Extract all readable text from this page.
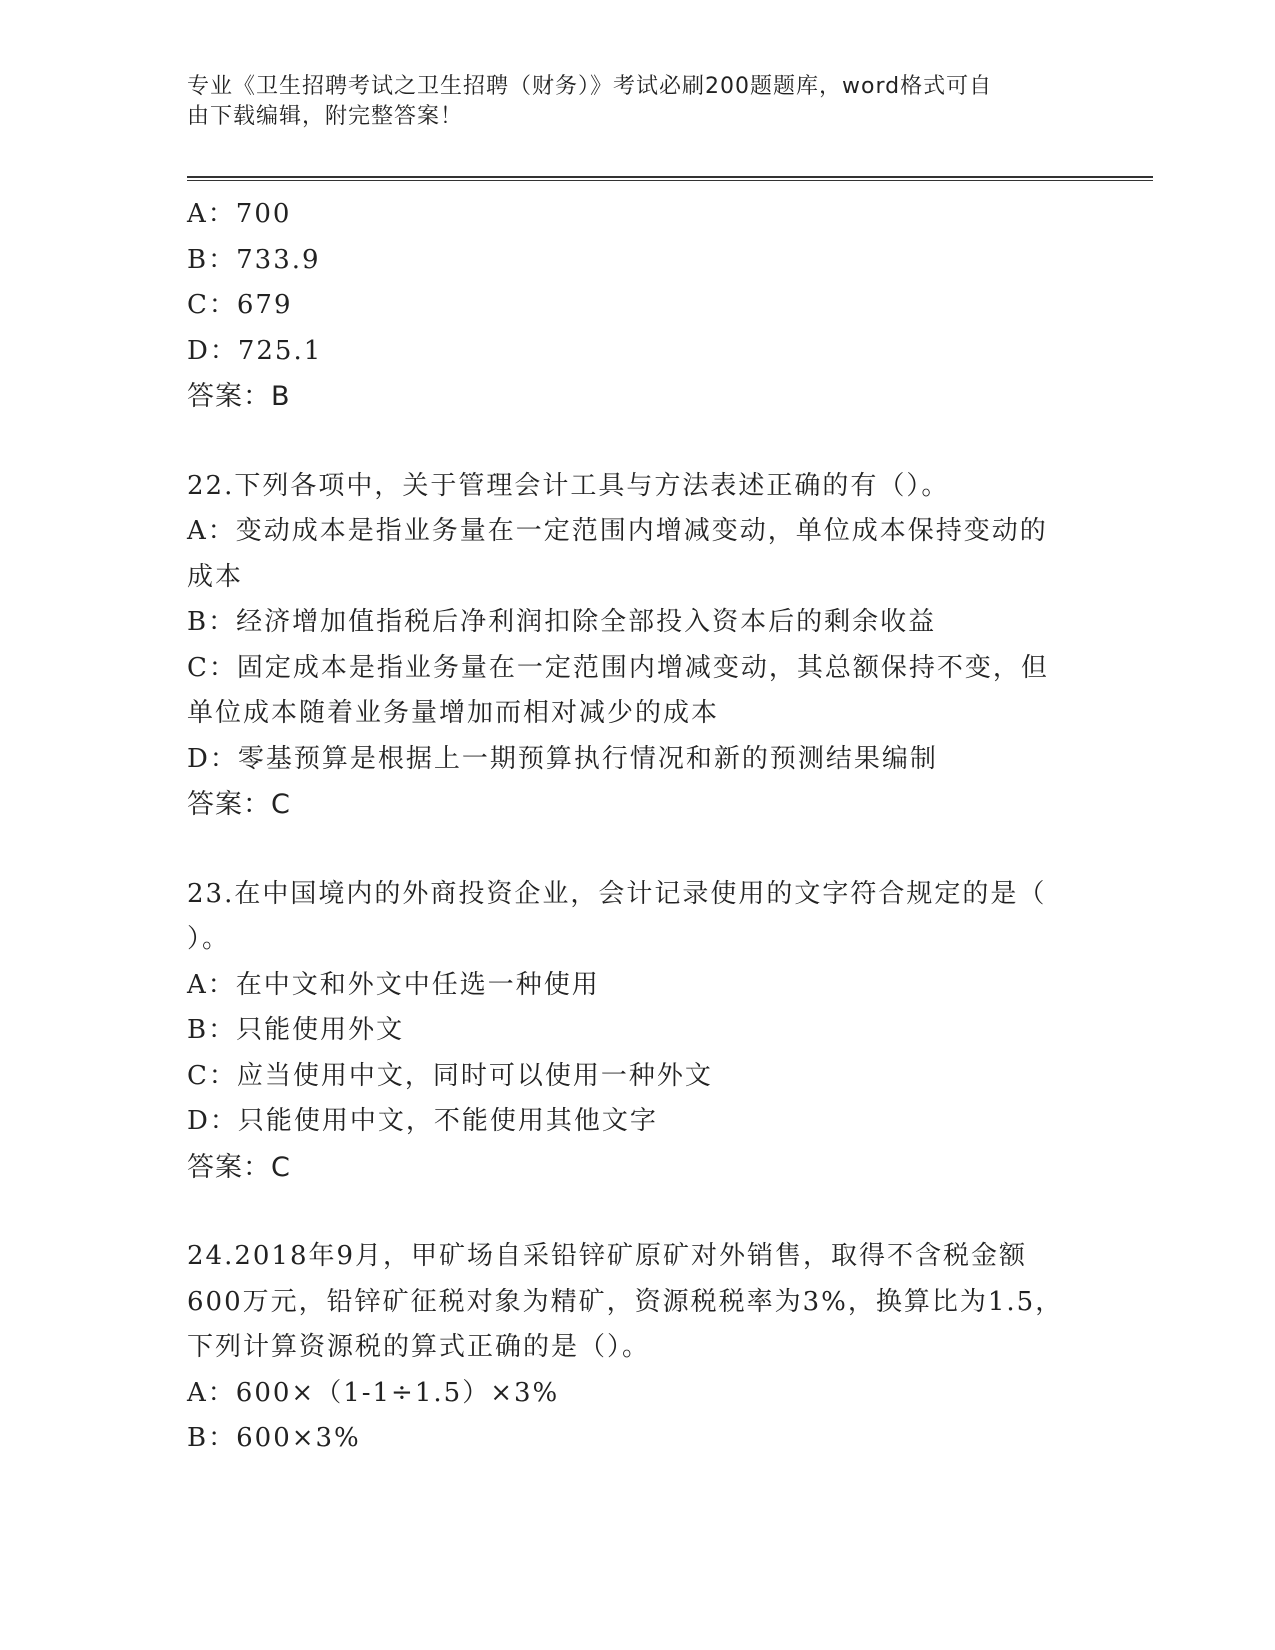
专业《卫生招聘考试之卫生招聘（财务）》考试必刷200题题库，word格式可自
由下载编辑，附完整答案！
A：700
B：733.9
C：679
D：725.1
答案：B
22.下列各项中，关于管理会计工具与方法表述正确的有（）。
A：变动成本是指业务量在一定范围内增减变动，单位成本保持变动的
成本
B：经济增加值指税后净利润扣除全部投入资本后的剩余收益
C：固定成本是指业务量在一定范围内增减变动，其总额保持不变，但
单位成本随着业务量增加而相对减少的成本
D：零基预算是根据上一期预算执行情况和新的预测结果编制
答案：C
23.在中国境内的外商投资企业，会计记录使用的文字符合规定的是（
）。
A：在中文和外文中任选一种使用
B：只能使用外文
C：应当使用中文，同时可以使用一种外文
D：只能使用中文，不能使用其他文字
答案：C
24.2018年9月，甲矿场自采铅锌矿原矿对外销售，取得不含税金额
600万元，铅锌矿征税对象为精矿，资源税税率为3%，换算比为1.5，
下列计算资源税的算式正确的是（）。
A：600×（1-1÷1.5）×3%
B：600×3%
